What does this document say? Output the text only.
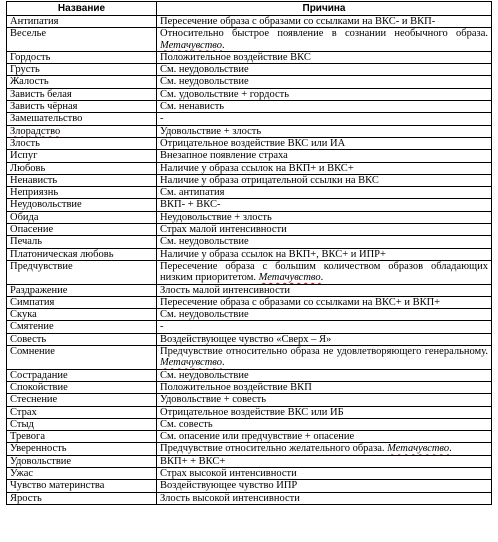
Название	Причина
Антипатия	Пересечение образа с образами со ссылками на ВКС- и ВКП-
Веселье	Относительно быстрое появление в сознании необычного образа. Метачувство.
Гордость	Положительное воздействие ВКС
Грусть	См. неудовольствие
Жалость	См. неудовольствие
Зависть белая	См. удовольствие + гордость
Зависть чёрная	См. ненависть
Замешательство	-
Злорадство	Удовольствие + злость
Злость	Отрицательное воздействие ВКС или ИА
Испуг	Внезапное появление страха
Любовь	Наличие у образа ссылок на ВКП+ и ВКС+
Ненависть	Наличие у образа отрицательной ссылки на ВКС
Неприязнь	См. антипатия
Неудовольствие	ВКП- + ВКС-
Обида	Неудовольствие + злость
Опасение	Страх малой интенсивности
Печаль	См. неудовольствие
Платоническая любовь	Наличие у образа ссылок на ВКП+, ВКС+ и ИПР+
Предчувствие	Пересечение образа с большим количеством образов обладающих низким приоритетом. Метачувство.
Раздражение	Злость малой интенсивности
Симпатия	Пересечение образа с образами со ссылками на ВКС+ и ВКП+
Скука	См. неудовольствие
Смятение	-
Совесть	Воздействующее чувство «Сверх – Я»
Сомнение	Предчувствие относительно образа не удовлетворяющего генеральному. Метачувство.
Сострадание	См. неудовольствие
Спокойствие	Положительное воздействие ВКП
Стеснение	Удовольствие + совесть
Страх	Отрицательное воздействие ВКС или ИБ
Стыд	См. совесть
Тревога	См. опасение или предчувствие + опасение
Уверенность	Предчувствие относительно желательного образа. Метачувство.
Удовольствие	ВКП+ + ВКС+
Ужас	Страх высокой интенсивности
Чувство материнства	Воздействующее чувство ИПР
Ярость	Злость высокой интенсивности
